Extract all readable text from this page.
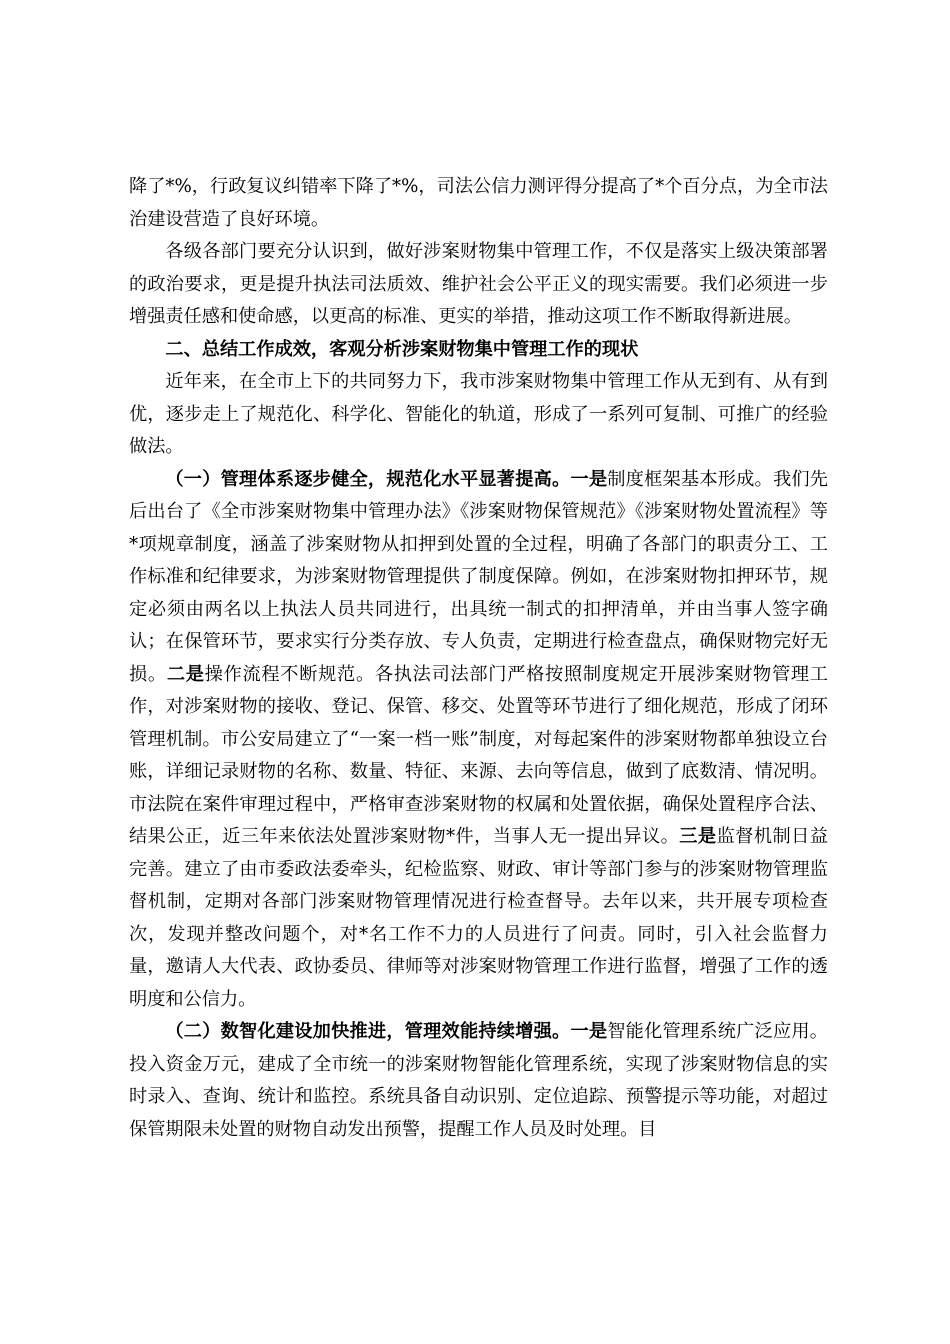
降了*%，行政复议纠错率下降了*%，司法公信力测评得分提高了*个百分点，为全市法治建设营造了良好环境。

各级各部门要充分认识到，做好涉案财物集中管理工作，不仅是落实上级决策部署的政治要求，更是提升执法司法质效、维护社会公平正义的现实需要。我们必须进一步增强责任感和使命感，以更高的标准、更实的举措，推动这项工作不断取得新进展。

二、总结工作成效，客观分析涉案财物集中管理工作的现状

近年来，在全市上下的共同努力下，我市涉案财物集中管理工作从无到有、从有到优，逐步走上了规范化、科学化、智能化的轨道，形成了一系列可复制、可推广的经验做法。

（一）管理体系逐步健全，规范化水平显著提高。一是制度框架基本形成。我们先后出台了《全市涉案财物集中管理办法》《涉案财物保管规范》《涉案财物处置流程》等*项规章制度，涵盖了涉案财物从扣押到处置的全过程，明确了各部门的职责分工、工作标准和纪律要求，为涉案财物管理提供了制度保障。例如，在涉案财物扣押环节，规定必须由两名以上执法人员共同进行，出具统一制式的扣押清单，并由当事人签字确认；在保管环节，要求实行分类存放、专人负责，定期进行检查盘点，确保财物完好无损。二是操作流程不断规范。各执法司法部门严格按照制度规定开展涉案财物管理工作，对涉案财物的接收、登记、保管、移交、处置等环节进行了细化规范，形成了闭环管理机制。市公安局建立了“一案一档一账”制度，对每起案件的涉案财物都单独设立台账，详细记录财物的名称、数量、特征、来源、去向等信息，做到了底数清、情况明。市法院在案件审理过程中，严格审查涉案财物的权属和处置依据，确保处置程序合法、结果公正，近三年来依法处置涉案财物*件，当事人无一提出异议。三是监督机制日益完善。建立了由市委政法委牵头，纪检监察、财政、审计等部门参与的涉案财物管理监督机制，定期对各部门涉案财物管理情况进行检查督导。去年以来，共开展专项检查次，发现并整改问题个，对*名工作不力的人员进行了问责。同时，引入社会监督力量，邀请人大代表、政协委员、律师等对涉案财物管理工作进行监督，增强了工作的透明度和公信力。

（二）数智化建设加快推进，管理效能持续增强。一是智能化管理系统广泛应用。投入资金万元，建成了全市统一的涉案财物智能化管理系统，实现了涉案财物信息的实时录入、查询、统计和监控。系统具备自动识别、定位追踪、预警提示等功能，对超过保管期限未处置的财物自动发出预警，提醒工作人员及时处理。目
